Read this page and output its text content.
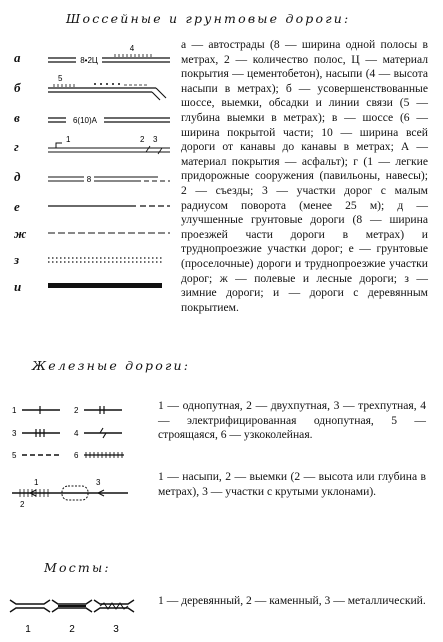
Шоссейные и грунтовые дороги:
а
б
в
г
д
е
ж
з
и
8•2Ц
4
5
6(10)А
1	2 3
8
а — автострады (8 — ширина одной полосы в метрах, 2 — количество полос, Ц — материал покрытия — цементобетон), насыпи (4 — высота насыпи в метрах); б — усовершенствованные шоссе, выемки, обсадки и линии связи (5 — глубина выемки в метрах); в — шоссе (6 — ширина покрытой части; 10 — ширина всей дороги от канавы до канавы в метрах; А — материал покрытия — асфальт); г (1 — легкие придорожные сооружения (павильоны, навесы); 2 — съезды; 3 — участки дорог с малым радиусом поворота (менее 25 м); д — улучшенные грунтовые дороги (8 — ширина проезжей части дороги в метрах) и труднопроезжие участки дорог; е — грунтовые (проселочные) дороги и труднопроезжие участки дорог; ж — полевые и лесные дороги; з — зимние дороги; и — дороги с деревянным покрытием.
Железные дороги:
1	2
3	4
5	6
1	3
2
1 — однопутная, 2 — двухпутная, 3 — трехпутная, 4 — электрифицированная однопутная, 5 — строящаяся, 6 — узкоколейная.
1 — насыпи, 2 — выемки (2 — высота или глубина в метрах), 3 — участки с крутыми уклонами).
Мосты:
1	2	3
1 — деревянный, 2 — каменный, 3 — металлический.
